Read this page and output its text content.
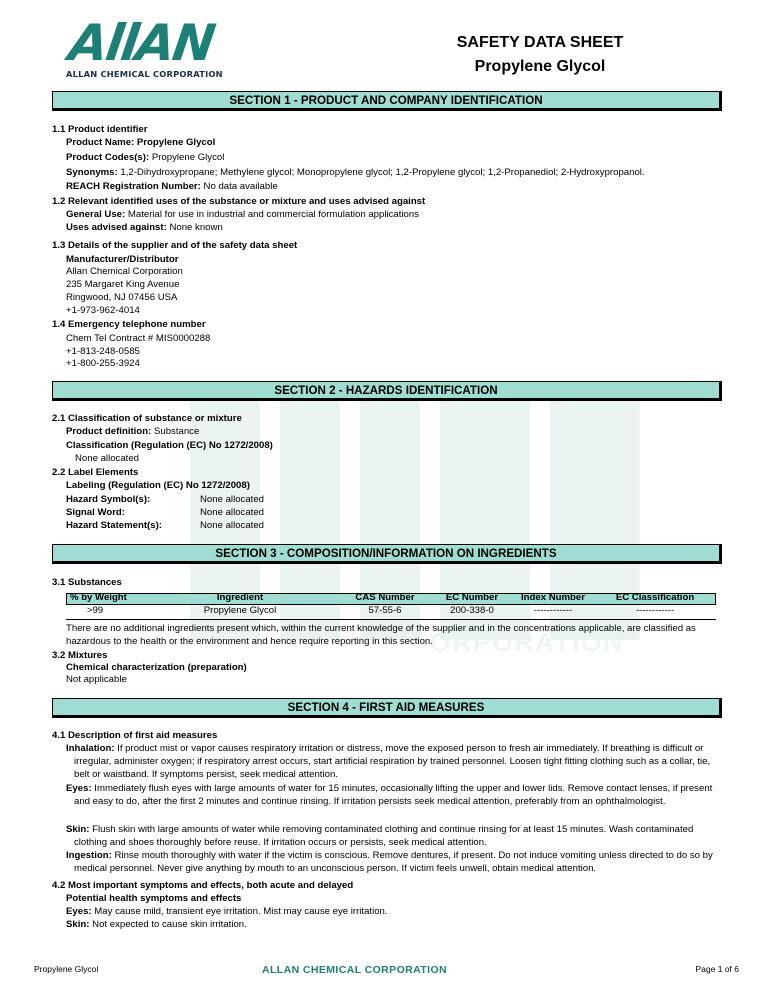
ORPORATION
AllAN
ALLAN CHEMICAL CORPORATION
SAFETY DATA SHEET
Propylene Glycol
SECTION 1 - PRODUCT AND COMPANY IDENTIFICATION
1.1 Product identifier
Product Name: Propylene Glycol
Product Codes(s): Propylene Glycol
Synonyms: 1,2-Dihydroxypropane; Methylene glycol; Monopropylene glycol; 1,2-Propylene glycol; 1,2-Propanediol; 2-Hydroxypropanol.
REACH Registration Number: No data available
1.2 Relevant identified uses of the substance or mixture and uses advised against
General Use: Material for use in industrial and commercial formulation applications
Uses advised against: None known
1.3 Details of the supplier and of the safety data sheet
Manufacturer/Distributor
Allan Chemical Corporation
235 Margaret King Avenue
Ringwood, NJ 07456 USA
+1-973-962-4014
1.4 Emergency telephone number
Chem Tel Contract # MIS0000288
+1-813-248-0585
+1-800-255-3924
SECTION 2 - HAZARDS IDENTIFICATION
2.1 Classification of substance or mixture
Product definition: Substance
Classification (Regulation (EC) No 1272/2008)
None allocated
2.2 Label Elements
Labeling (Regulation (EC) No 1272/2008)
Hazard Symbol(s):	None allocated
Signal Word:	None allocated
Hazard Statement(s):	None allocated
SECTION 3 - COMPOSITION/INFORMATION ON INGREDIENTS
3.1 Substances
% by Weight	Ingredient	CAS Number	EC Number	Index Number	EC Classification
>99	Propylene Glycol	57-55-6	200-338-0	------------	------------
There are no additional ingredients present which, within the current knowledge of the supplier and in the concentrations applicable, are classified as hazardous to the health or the environment and hence require reporting in this section.
3.2 Mixtures
Chemical characterization (preparation)
Not applicable
SECTION 4 - FIRST AID MEASURES
4.1 Description of first aid measures
Inhalation: If product mist or vapor causes respiratory irritation or distress, move the exposed person to fresh air immediately. If breathing is difficult or irregular, administer oxygen; if respiratory arrest occurs, start artificial respiration by trained personnel. Loosen tight fitting clothing such as a collar, tie, belt or waistband. If symptoms persist, seek medical attention.
Eyes: Immediately flush eyes with large amounts of water for 15 minutes, occasionally lifting the upper and lower lids. Remove contact lenses, if present and easy to do, after the first 2 minutes and continue rinsing. If irritation persists seek medical attention, preferably from an ophthalmologist.
Skin: Flush skin with large amounts of water while removing contaminated clothing and continue rinsing for at least 15 minutes. Wash contaminated clothing and shoes thoroughly before reuse. If irritation occurs or persists, seek medical attention.
Ingestion: Rinse mouth thoroughly with water if the victim is conscious. Remove dentures, if present. Do not induce vomiting unless directed to do so by medical personnel. Never give anything by mouth to an unconscious person. If victim feels unwell, obtain medical attention.
4.2 Most important symptoms and effects, both acute and delayed
Potential health symptoms and effects
Eyes: May cause mild, transient eye irritation. Mist may cause eye irritation.
Skin: Not expected to cause skin irritation.
Propylene Glycol	ALLAN CHEMICAL CORPORATION	Page 1 of 6
